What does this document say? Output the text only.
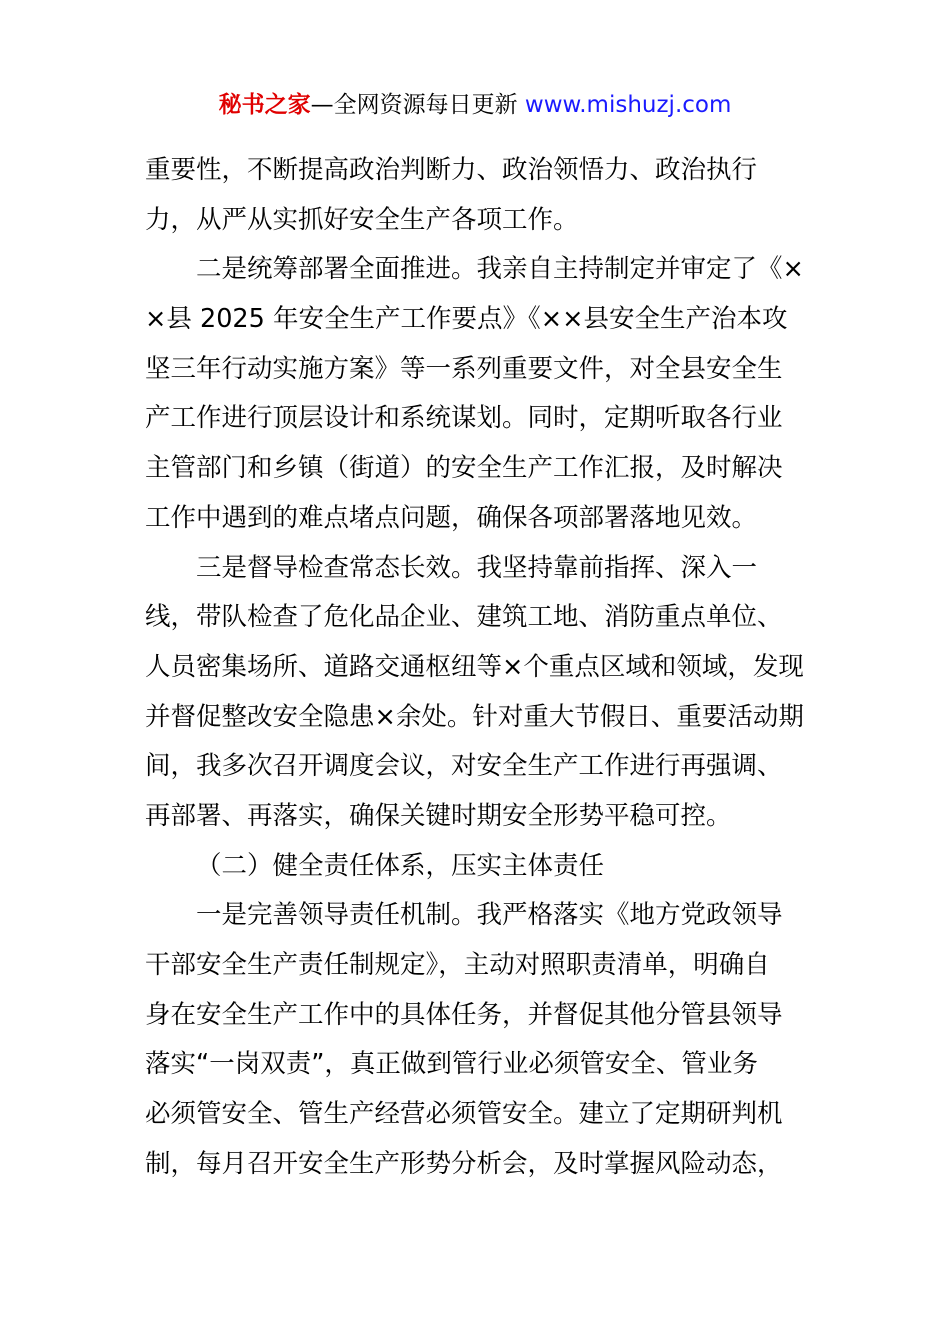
秘书之家—全网资源每日更新 www.mishuzj.com
重要性，不断提高政治判断力、政治领悟力、政治执行
力，从严从实抓好安全生产各项工作。
二是统筹部署全面推进。我亲自主持制定并审定了《×
×县 2025 年安全生产工作要点》《××县安全生产治本攻
坚三年行动实施方案》等一系列重要文件，对全县安全生
产工作进行顶层设计和系统谋划。同时，定期听取各行业
主管部门和乡镇（街道）的安全生产工作汇报，及时解决
工作中遇到的难点堵点问题，确保各项部署落地见效。
三是督导检查常态长效。我坚持靠前指挥、深入一
线，带队检查了危化品企业、建筑工地、消防重点单位、
人员密集场所、道路交通枢纽等×个重点区域和领域，发现
并督促整改安全隐患×余处。针对重大节假日、重要活动期
间，我多次召开调度会议，对安全生产工作进行再强调、
再部署、再落实，确保关键时期安全形势平稳可控。
（二）健全责任体系，压实主体责任
一是完善领导责任机制。我严格落实《地方党政领导
干部安全生产责任制规定》，主动对照职责清单，明确自
身在安全生产工作中的具体任务，并督促其他分管县领导
落实“一岗双责”，真正做到管行业必须管安全、管业务
必须管安全、管生产经营必须管安全。建立了定期研判机
制，每月召开安全生产形势分析会，及时掌握风险动态，
